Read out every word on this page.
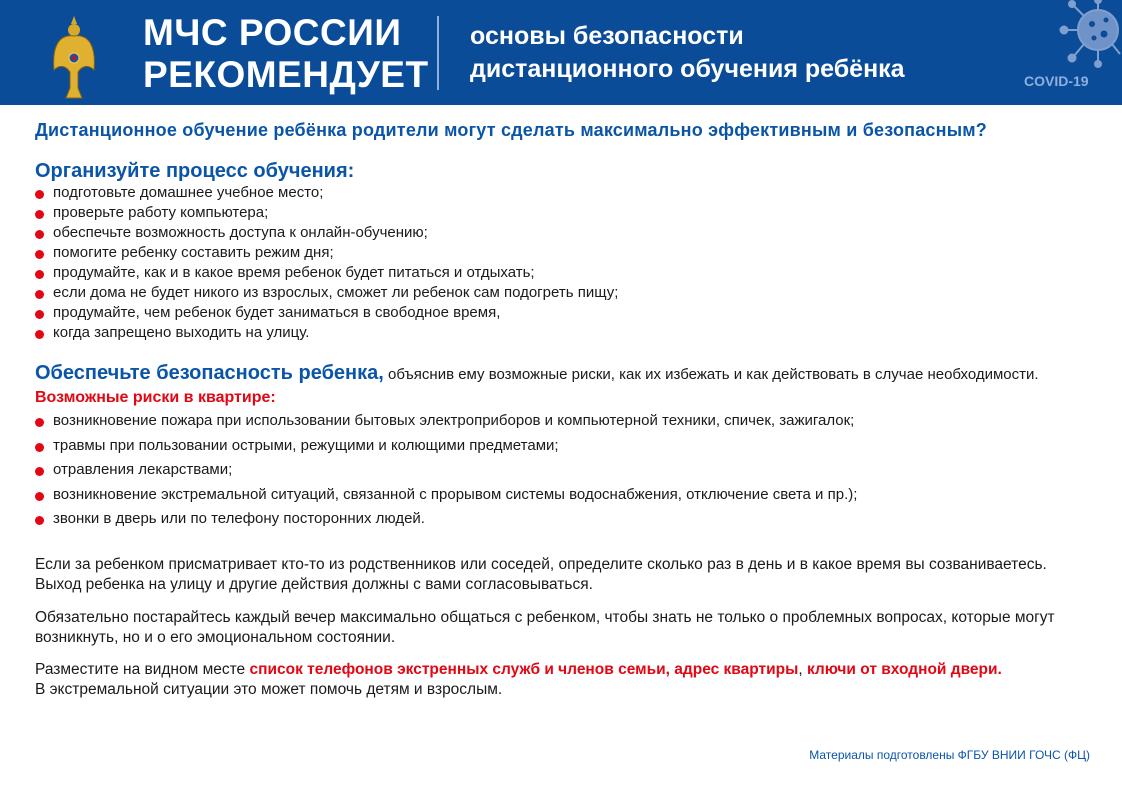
МЧС РОССИИ
РЕКОМЕНДУЕТ
основы безопасности
дистанционного обучения ребёнка	COVID-19
Дистанционное обучение ребёнка родители могут сделать максимально эффективным и безопасным?
Организуйте процесс обучения:
подготовьте домашнее учебное место;
проверьте работу компьютера;
обеспечьте возможность доступа к онлайн-обучению;
помогите ребенку составить режим дня;
продумайте, как и в какое время ребенок будет питаться и отдыхать;
если дома не будет никого из взрослых, сможет ли ребенок сам подогреть пищу;
продумайте, чем ребенок будет заниматься в свободное время,
когда запрещено выходить на улицу.
Обеспечьте безопасность ребенка, объяснив ему возможные риски, как их избежать и как действовать в случае необходимости.
Возможные риски в квартире:
возникновение пожара при использовании бытовых электроприборов и компьютерной техники, спичек, зажигалок;
травмы при пользовании острыми, режущими и колющими предметами;
отравления лекарствами;
возникновение экстремальной ситуаций, связанной с прорывом системы водоснабжения, отключение света и пр.);
звонки в дверь или по телефону посторонних людей.
Если за ребенком присматривает кто-то из родственников или соседей, определите сколько раз в день и в какое время вы созваниваетесь.
Выход ребенка на улицу и другие действия должны с вами согласовываться.
Обязательно постарайтесь каждый вечер максимально общаться с ребенком, чтобы знать не только о проблемных вопросах, которые могут
возникнуть, но и о его эмоциональном состоянии.
Разместите на видном месте список телефонов экстренных служб и членов семьи, адрес квартиры, ключи от входной двери.
В экстремальной ситуации это может помочь детям и взрослым.
Материалы подготовлены ФГБУ ВНИИ ГОЧС (ФЦ)
